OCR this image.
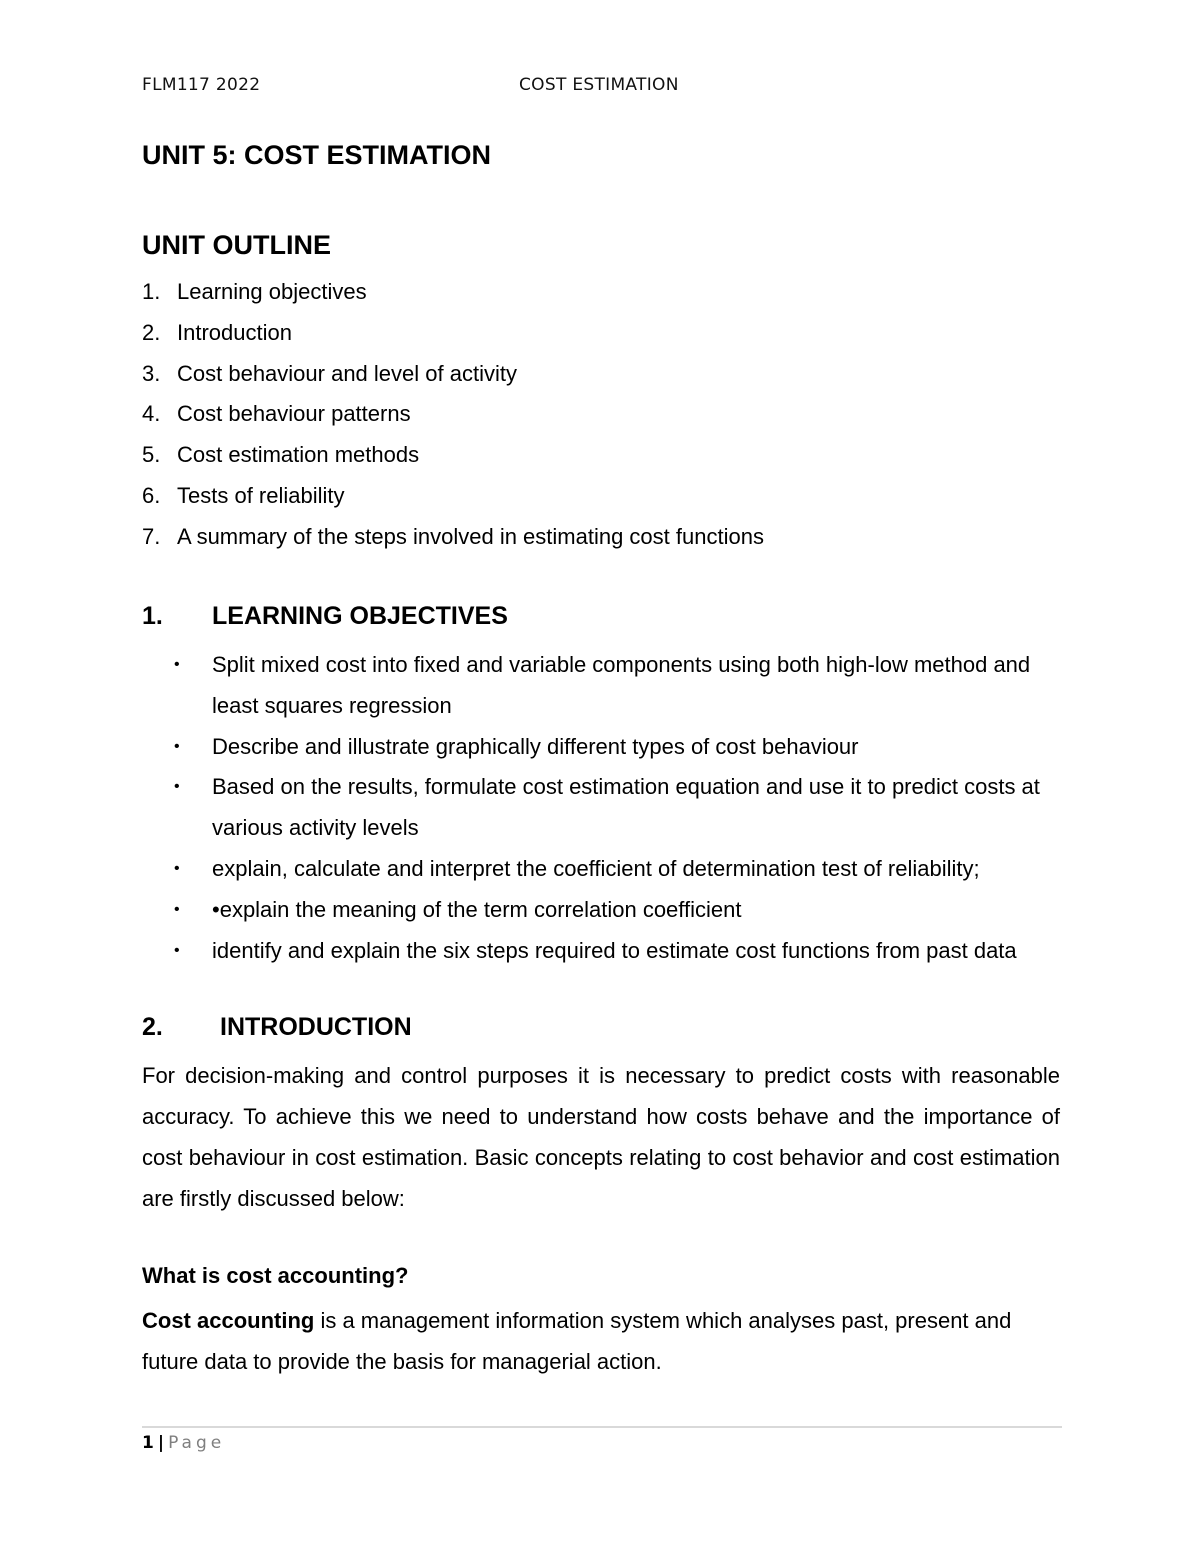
FLM117 2022	COST ESTIMATION
UNIT 5: COST ESTIMATION
UNIT OUTLINE
1. Learning objectives
2. Introduction
3. Cost behaviour and level of activity
4. Cost behaviour patterns
5. Cost estimation methods
6. Tests of reliability
7. A summary of the steps involved in estimating cost functions
1. LEARNING OBJECTIVES
• Split mixed cost into fixed and variable components using both high-low method and least squares regression
• Describe and illustrate graphically different types of cost behaviour
• Based on the results, formulate cost estimation equation and use it to predict costs at various activity levels
• explain, calculate and interpret the coefficient of determination test of reliability;
• •explain the meaning of the term correlation coefficient
• identify and explain the six steps required to estimate cost functions from past data
2. INTRODUCTION

For decision-making and control purposes it is necessary to predict costs with reasonable accuracy. To achieve this we need to understand how costs behave and the importance of cost behaviour in cost estimation. Basic concepts relating to cost behavior and cost estimation are firstly discussed below:

What is cost accounting?

Cost accounting is a management information system which analyses past, present and future data to provide the basis for managerial action.

1 | Page
